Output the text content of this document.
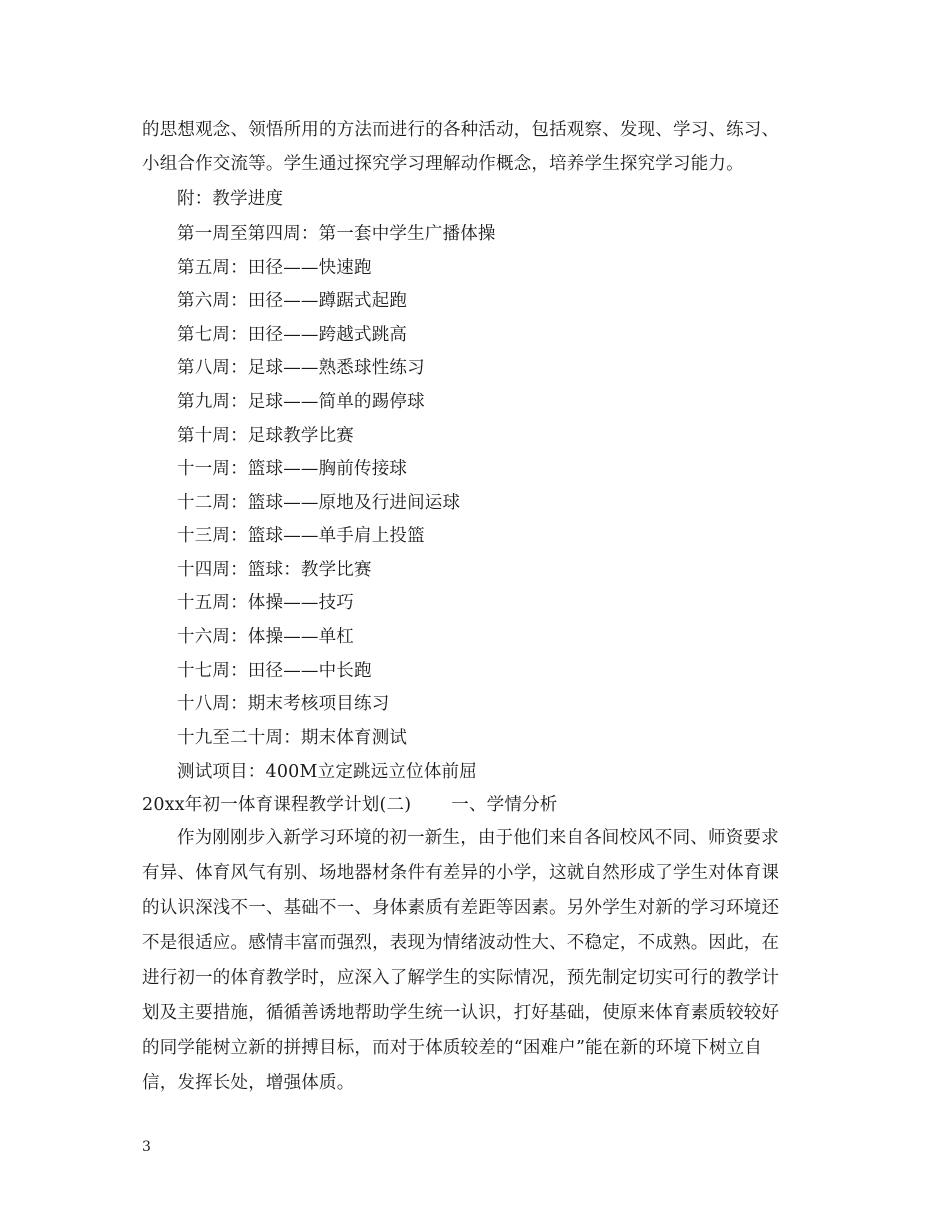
的思想观念、领悟所用的方法而进行的各种活动，包括观察、发现、学习、练习、
小组合作交流等。学生通过探究学习理解动作概念，培养学生探究学习能力。
附：教学进度
第一周至第四周：第一套中学生广播体操
第五周：田径——快速跑
第六周：田径——蹲踞式起跑
第七周：田径——跨越式跳高
第八周：足球——熟悉球性练习
第九周：足球——简单的踢停球
第十周：足球教学比赛
十一周：篮球——胸前传接球
十二周：篮球——原地及行进间运球
十三周：篮球——单手肩上投篮
十四周：篮球：教学比赛
十五周：体操——技巧
十六周：体操——单杠
十七周：田径——中长跑
十八周：期末考核项目练习
十九至二十周：期末体育测试
测试项目：400M立定跳远立位体前屈
20xx年初一体育课程教学计划(二) 一、学情分析
作为刚刚步入新学习环境的初一新生，由于他们来自各间校风不同、师资要求
有异、体育风气有别、场地器材条件有差异的小学，这就自然形成了学生对体育课
的认识深浅不一、基础不一、身体素质有差距等因素。另外学生对新的学习环境还
不是很适应。感情丰富而强烈，表现为情绪波动性大、不稳定，不成熟。因此，在
进行初一的体育教学时，应深入了解学生的实际情况，预先制定切实可行的教学计
划及主要措施，循循善诱地帮助学生统一认识，打好基础，使原来体育素质较较好
的同学能树立新的拼搏目标，而对于体质较差的“困难户”能在新的环境下树立自
信，发挥长处，增强体质。
3
